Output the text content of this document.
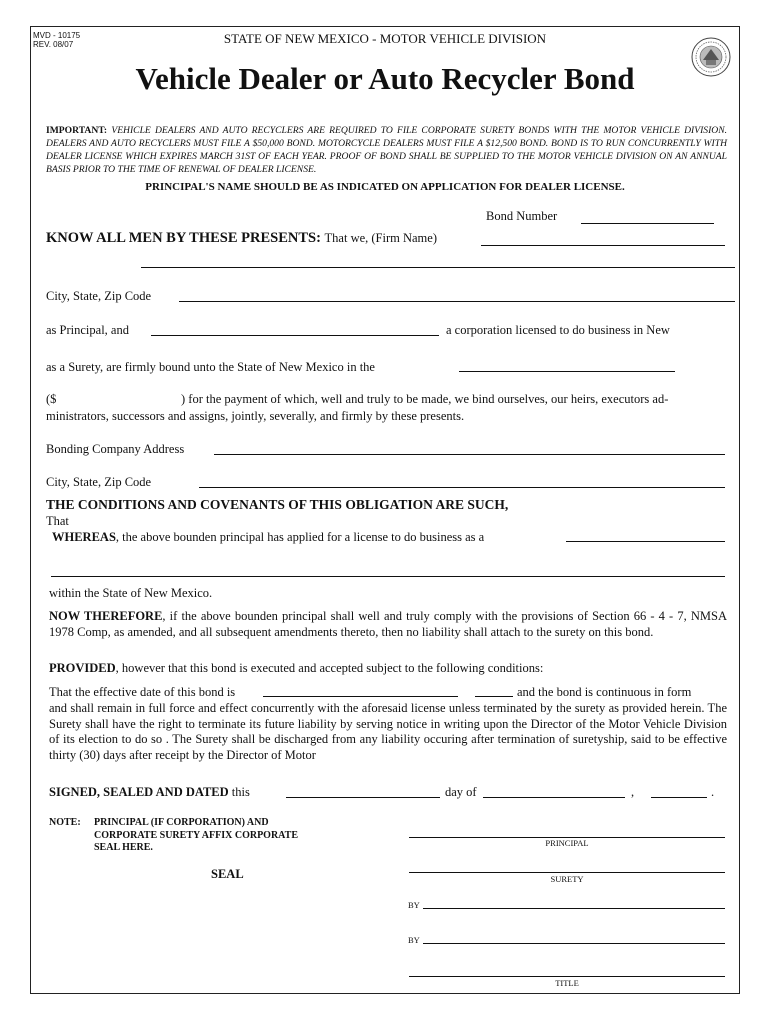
MVD - 10175
REV. 08/07	STATE OF NEW MEXICO - MOTOR VEHICLE DIVISION
Vehicle Dealer or Auto Recycler Bond
IMPORTANT: VEHICLE DEALERS AND AUTO RECYCLERS ARE REQUIRED TO FILE CORPORATE SURETY BONDS WITH THE MOTOR VEHICLE DIVISION. DEALERS AND AUTO RECYCLERS MUST FILE A $50,000 BOND. MOTORCYCLE DEALERS MUST FILE A $12,500 BOND. BOND IS TO RUN CONCURRENTLY WITH DEALER LICENSE WHICH EXPIRES MARCH 31ST OF EACH YEAR. PROOF OF BOND SHALL BE SUPPLIED TO THE MOTOR VEHICLE DIVISION ON AN ANNUAL BASIS PRIOR TO THE TIME OF RENEWAL OF DEALER LICENSE.
PRINCIPAL'S NAME SHOULD BE AS INDICATED ON APPLICATION FOR DEALER LICENSE.
Bond Number
KNOW ALL MEN BY THESE PRESENTS: That we, (Firm Name)
City, State, Zip Code
as Principal, and	a corporation licensed to do business in New
as a Surety, are firmly bound unto the State of New Mexico in the
($	) for the payment of which, well and truly to be made, we bind ourselves, our heirs, executors ad-
ministrators, successors and assigns, jointly, severally, and firmly by these presents.
Bonding Company Address
City, State, Zip Code
THE CONDITIONS AND COVENANTS OF THIS OBLIGATION ARE SUCH,
That
WHEREAS, the above bounden principal has applied for a license to do business as a
within the State of New Mexico.
NOW THEREFORE, if the above bounden principal shall well and truly comply with the provisions of Section 66 - 4 - 7, NMSA 1978 Comp, as amended, and all subsequent amendments thereto, then no liability shall attach to the surety on this bond.
PROVIDED, however that this bond is executed and accepted subject to the following conditions:
That the effective date of this bond is	and the bond is continuous in form
and shall remain in full force and effect concurrently with the aforesaid license unless terminated by the surety as provided herein. The Surety shall have the right to terminate its future liability by serving notice in writing upon the Director of the Motor Vehicle Division of its election to do so . The Surety shall be discharged from any liability occuring after termination of suretyship, said to be effective thirty (30) days after receipt by the Director of Motor
SIGNED, SEALED AND DATED this	day of	,	.
NOTE: PRINCIPAL (IF CORPORATION) AND CORPORATE SURETY AFFIX CORPORATE SEAL HERE.
SEAL
PRINCIPAL
SURETY
BY
BY
TITLE
